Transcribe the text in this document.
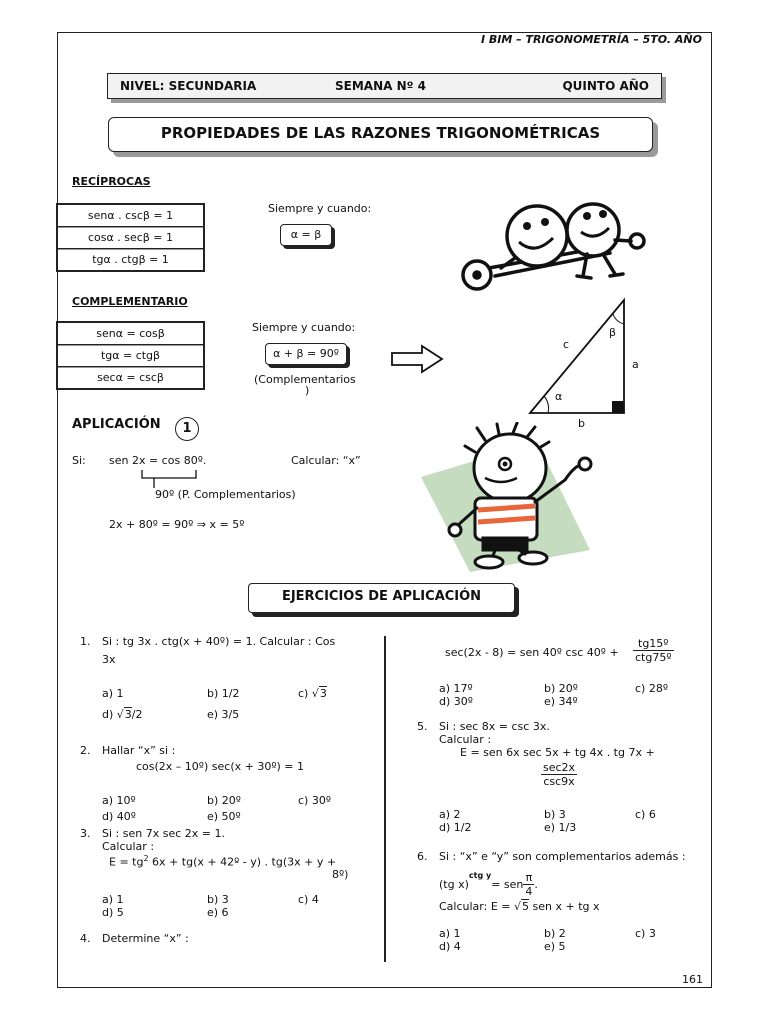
I BIM – TRIGONOMETRÍA – 5TO. AÑO
NIVEL: SECUNDARIA	SEMANA Nº 4	QUINTO AÑO
PROPIEDADES DE LAS RAZONES TRIGONOMÉTRICAS
RECÍPROCAS
senα . cscβ = 1
cosα . secβ = 1
tgα . ctgβ = 1
Siempre y cuando:
α = β
COMPLEMENTARIO
senα = cosβ
tgα = ctgβ
secα = cscβ
Siempre y cuando:
α + β = 90º
(Complementarios
)
c
a
b
α
β
APLICACIÓN	1
Si: sen 2x = cos 80º.	Calcular: “x”
90º (P. Complementarios)
2x + 80º = 90º ⇒ x = 5º
EJERCICIOS DE APLICACIÓN
1. Si : tg 3x . ctg(x + 40º) = 1. Calcular : Cos
3x
a) 1	b) 1/2	c) √3
d) √3/2	e) 3/5
2. Hallar “x” si :
cos(2x – 10º) sec(x + 30º) = 1
a) 10º	b) 20º	c) 30º
d) 40º	e) 50º
3. Si : sen 7x sec 2x = 1.
Calcular :
$E = tg^2$ 6x + tg(x + 42º - y) . tg(3x + y +
8º)
a) 1	b) 3	c) 4
d) 5	e) 6
4. Determine “x” :
sec(2x - 8) = sen 40º csc 40º +
tg15º
ctg75º
a) 17º	b) 20º	c) 28º
d) 30º	e) 34º
5. Si : sec 8x = csc 3x.
Calcular :
E = sen 6x sec 5x + tg 4x . tg 7x +
sec2x
csc9x
a) 2	b) 3	c) 6
d) 1/2	e) 1/3
6. Si : “x” e “y” son complementarios además :
(tg x)
$^{ctg y}$
= sen $\frac{\pi}{4}$ .
Calcular: E = √5 sen x + tg x
a) 1	b) 2	c) 3
d) 4	e) 5
161
